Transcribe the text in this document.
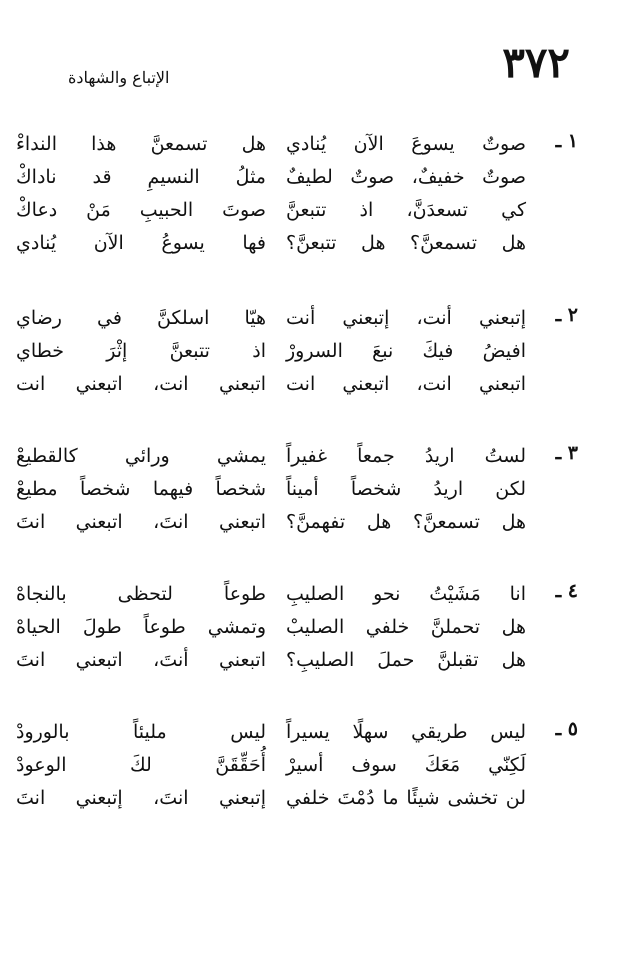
٣٧٢
الإتباع والشهادة
١ ـ
صوتٌ يسوعَ الآن يُنادي
صوتٌ خفيفٌ، صوتٌ لطيفٌ
كي تسعدَنَّ، اذ تتبعنَّ
هل تسمعنَّ؟ هل تتبعنَّ؟
هل تسمعنَّ هذا النداءْ
مثلُ النسيمِ قد ناداكْ
صوتَ الحبيبِ مَنْ دعاكْ
فها يسوعُ الآن يُنادي
٢ ـ
إتبعني أنت، إتبعني أنت
افيضُ فيكَ نبعَ السرورْ
اتبعني انت، اتبعني انت
هيّا اسلكنَّ في رضاي
اذ تتبعنَّ إثْرَ خطاي
اتبعني انت، اتبعني انت
٣ ـ
لستُ اريدُ جمعاً غفيراً
لكن اريدُ شخصاً أميناً
هل تسمعنَّ؟ هل تفهمنَّ؟
يمشي ورائي كالقطيعْ
شخصاً فيهما شخصاً مطيعْ
اتبعني انتَ، اتبعني انتَ
٤ ـ
انا مَشَيْتُ نحو الصليبِ
هل تحملنَّ خلفي الصليبْ
هل تقبلنَّ حملَ الصليبِ؟
طوعاً لتحظى بالنجاهْ
وتمشي طوعاً طولَ الحياهْ
اتبعني أنتَ، اتبعني انتَ
٥ ـ
ليس طريقي سهلًا يسيراً
لَكِنّي مَعَكَ سوف أسيرْ
لن تخشى شيئًا ما دُمْتَ خلفي
ليس مليئاً بالورودْ
أُحَقِّقَنَّ لكَ الوعودْ
إتبعني انتَ، إتبعني انتَ
